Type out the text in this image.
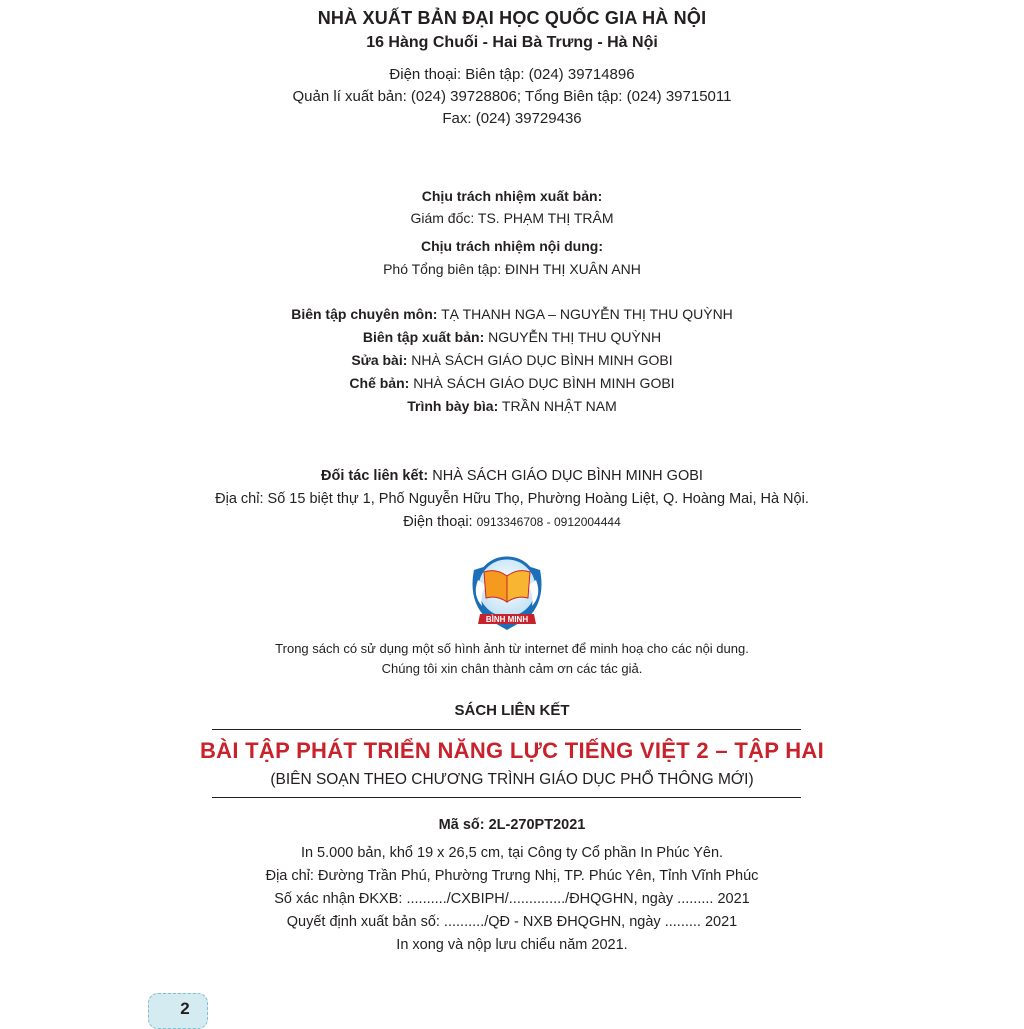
NHÀ XUẤT BẢN ĐẠI HỌC QUỐC GIA HÀ NỘI
16 Hàng Chuối - Hai Bà Trưng - Hà Nội
Điện thoại: Biên tập: (024) 39714896
Quản lí xuất bản: (024) 39728806; Tổng Biên tập: (024) 39715011
Fax: (024) 39729436
Chịu trách nhiệm xuất bản:
Giám đốc: TS. PHẠM THỊ TRÂM
Chịu trách nhiệm nội dung:
Phó Tổng biên tập: ĐINH THỊ XUÂN ANH
Biên tập chuyên môn: TẠ THANH NGA – NGUYỄN THỊ THU QUỲNH
Biên tập xuất bản: NGUYỄN THỊ THU QUỲNH
Sửa bài: NHÀ SÁCH GIÁO DỤC BÌNH MINH GOBI
Chế bản: NHÀ SÁCH GIÁO DỤC BÌNH MINH GOBI
Trình bày bìa: TRẦN NHẬT NAM
Đối tác liên kết: NHÀ SÁCH GIÁO DỤC BÌNH MINH GOBI
Địa chỉ: Số 15 biệt thự 1, Phố Nguyễn Hữu Thọ, Phường Hoàng Liệt, Q. Hoàng Mai, Hà Nội.
Điện thoại: 0913346708 - 0912004444
BÌNH MINH
Trong sách có sử dụng một số hình ảnh từ internet để minh hoạ cho các nội dung.
Chúng tôi xin chân thành cảm ơn các tác giả.
SÁCH LIÊN KẾT
BÀI TẬP PHÁT TRIỂN NĂNG LỰC TIẾNG VIỆT 2 – TẬP HAI
(BIÊN SOẠN THEO CHƯƠNG TRÌNH GIÁO DỤC PHỔ THÔNG MỚI)
Mã số: 2L-270PT2021
In 5.000 bản, khổ 19 x 26,5 cm, tại Công ty Cổ phần In Phúc Yên.
Địa chỉ: Đường Trần Phú, Phường Trưng Nhị, TP. Phúc Yên, Tỉnh Vĩnh Phúc
Số xác nhận ĐKXB: ........../CXBIPH/............../ĐHQGHN, ngày ......... 2021
Quyết định xuất bản số: ........../QĐ - NXB ĐHQGHN, ngày ......... 2021
In xong và nộp lưu chiểu năm 2021.
2
